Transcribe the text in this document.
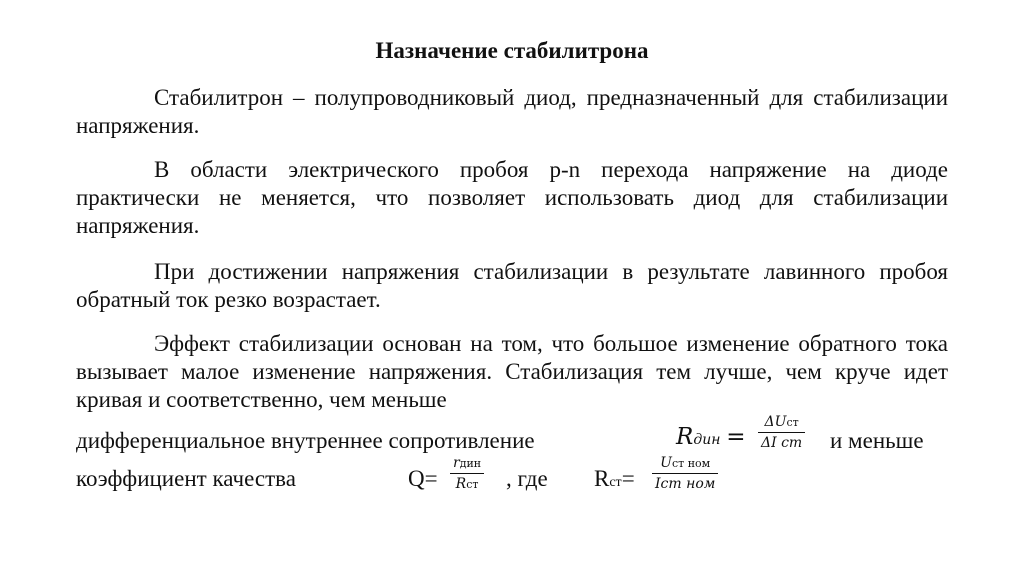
Назначение стабилитрона

Стабилитрон – полупроводниковый диод, предназначенный для стабилизации напряжения.

В области электрического пробоя p-n перехода напряжение на диоде практически не меняется, что позволяет использовать диод для стабилизации напряжения.

При достижении напряжения стабилизации в результате лавинного пробоя обратный ток резко возрастает.

Эффект стабилизации основан на том, что большое изменение обратного тока вызывает малое изменение напряжения. Стабилизация тем лучше, чем круче идет кривая и соответственно, чем меньше

дифференциальное внутреннее сопротивление	Rдин =
ΔUст
ΔI ст и меньше
коэффициент качества	Q=
rдин
Rст , где Rст=
Uст ном
Iст ном
